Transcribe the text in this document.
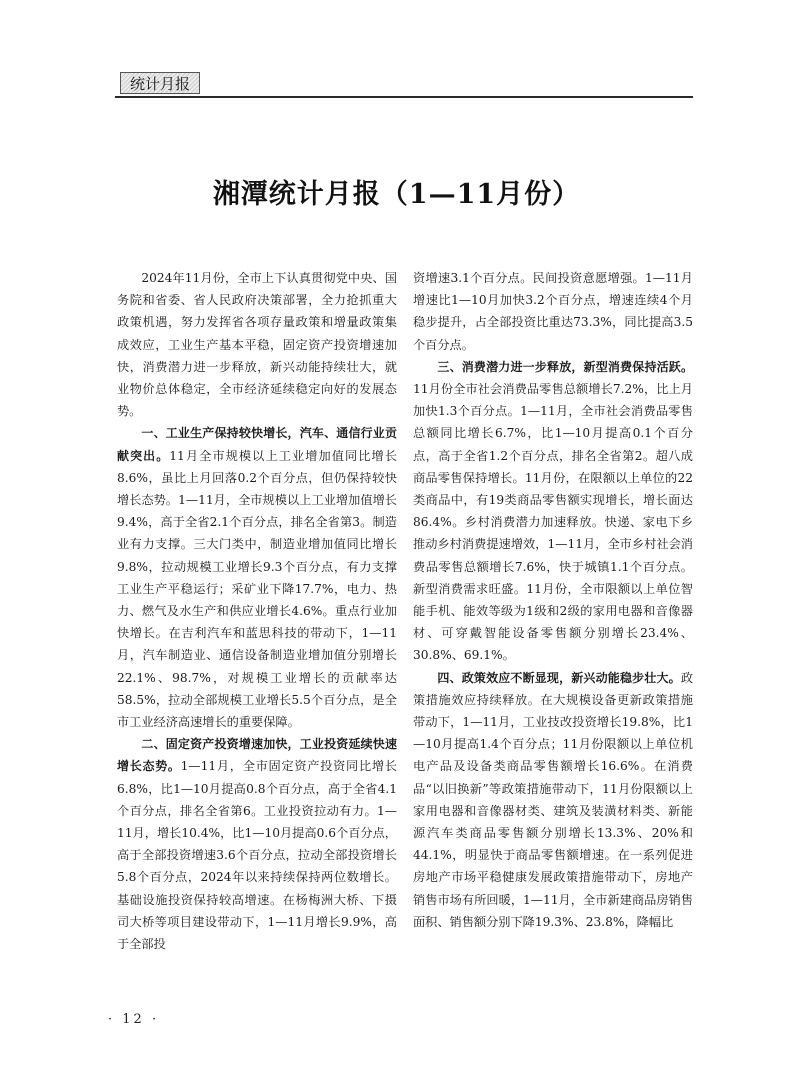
统计月报
湘潭统计月报（1—11月份）

2024年11月份，全市上下认真贯彻党中央、国务院和省委、省人民政府决策部署，全力抢抓重大政策机遇，努力发挥省各项存量政策和增量政策集成效应，工业生产基本平稳，固定资产投资增速加快，消费潜力进一步释放，新兴动能持续壮大，就业物价总体稳定，全市经济延续稳定向好的发展态势。

一、工业生产保持较快增长，汽车、通信行业贡献突出。11月全市规模以上工业增加值同比增长8.6%，虽比上月回落0.2个百分点，但仍保持较快增长态势。1—11月，全市规模以上工业增加值增长9.4%，高于全省2.1个百分点，排名全省第3。制造业有力支撑。三大门类中，制造业增加值同比增长9.8%，拉动规模工业增长9.3个百分点，有力支撑工业生产平稳运行；采矿业下降17.7%，电力、热力、燃气及水生产和供应业增长4.6%。重点行业加快增长。在吉利汽车和蓝思科技的带动下，1—11月，汽车制造业、通信设备制造业增加值分别增长22.1%、98.7%，对规模工业增长的贡献率达58.5%，拉动全部规模工业增长5.5个百分点，是全市工业经济高速增长的重要保障。

二、固定资产投资增速加快，工业投资延续快速增长态势。1—11月，全市固定资产投资同比增长6.8%，比1—10月提高0.8个百分点，高于全省4.1个百分点，排名全省第6。工业投资拉动有力。1—11月，增长10.4%，比1—10月提高0.6个百分点，高于全部投资增速3.6个百分点，拉动全部投资增长5.8个百分点，2024年以来持续保持两位数增长。基础设施投资保持较高增速。在杨梅洲大桥、下摄司大桥等项目建设带动下，1—11月增长9.9%，高于全部投

资增速3.1个百分点。民间投资意愿增强。1—11月增速比1—10月加快3.2个百分点，增速连续4个月稳步提升，占全部投资比重达73.3%，同比提高3.5个百分点。

三、消费潜力进一步释放，新型消费保持活跃。11月份全市社会消费品零售总额增长7.2%，比上月加快1.3个百分点。1—11月，全市社会消费品零售总额同比增长6.7%，比1—10月提高0.1个百分点，高于全省1.2个百分点，排名全省第2。超八成商品零售保持增长。11月份，在限额以上单位的22类商品中，有19类商品零售额实现增长，增长面达86.4%。乡村消费潜力加速释放。快递、家电下乡推动乡村消费提速增效，1—11月，全市乡村社会消费品零售总额增长7.6%，快于城镇1.1个百分点。新型消费需求旺盛。11月份，全市限额以上单位智能手机、能效等级为1级和2级的家用电器和音像器材、可穿戴智能设备零售额分别增长23.4%、30.8%、69.1%。

四、政策效应不断显现，新兴动能稳步壮大。政策措施效应持续释放。在大规模设备更新政策措施带动下，1—11月，工业技改投资增长19.8%，比1—10月提高1.4个百分点；11月份限额以上单位机电产品及设备类商品零售额增长16.6%。在消费品“以旧换新”等政策措施带动下，11月份限额以上家用电器和音像器材类、建筑及装潢材料类、新能源汽车类商品零售额分别增长13.3%、20%和44.1%，明显快于商品零售额增速。在一系列促进房地产市场平稳健康发展政策措施带动下，房地产销售市场有所回暖，1—11月，全市新建商品房销售面积、销售额分别下降19.3%、23.8%，降幅比

· 12 ·
